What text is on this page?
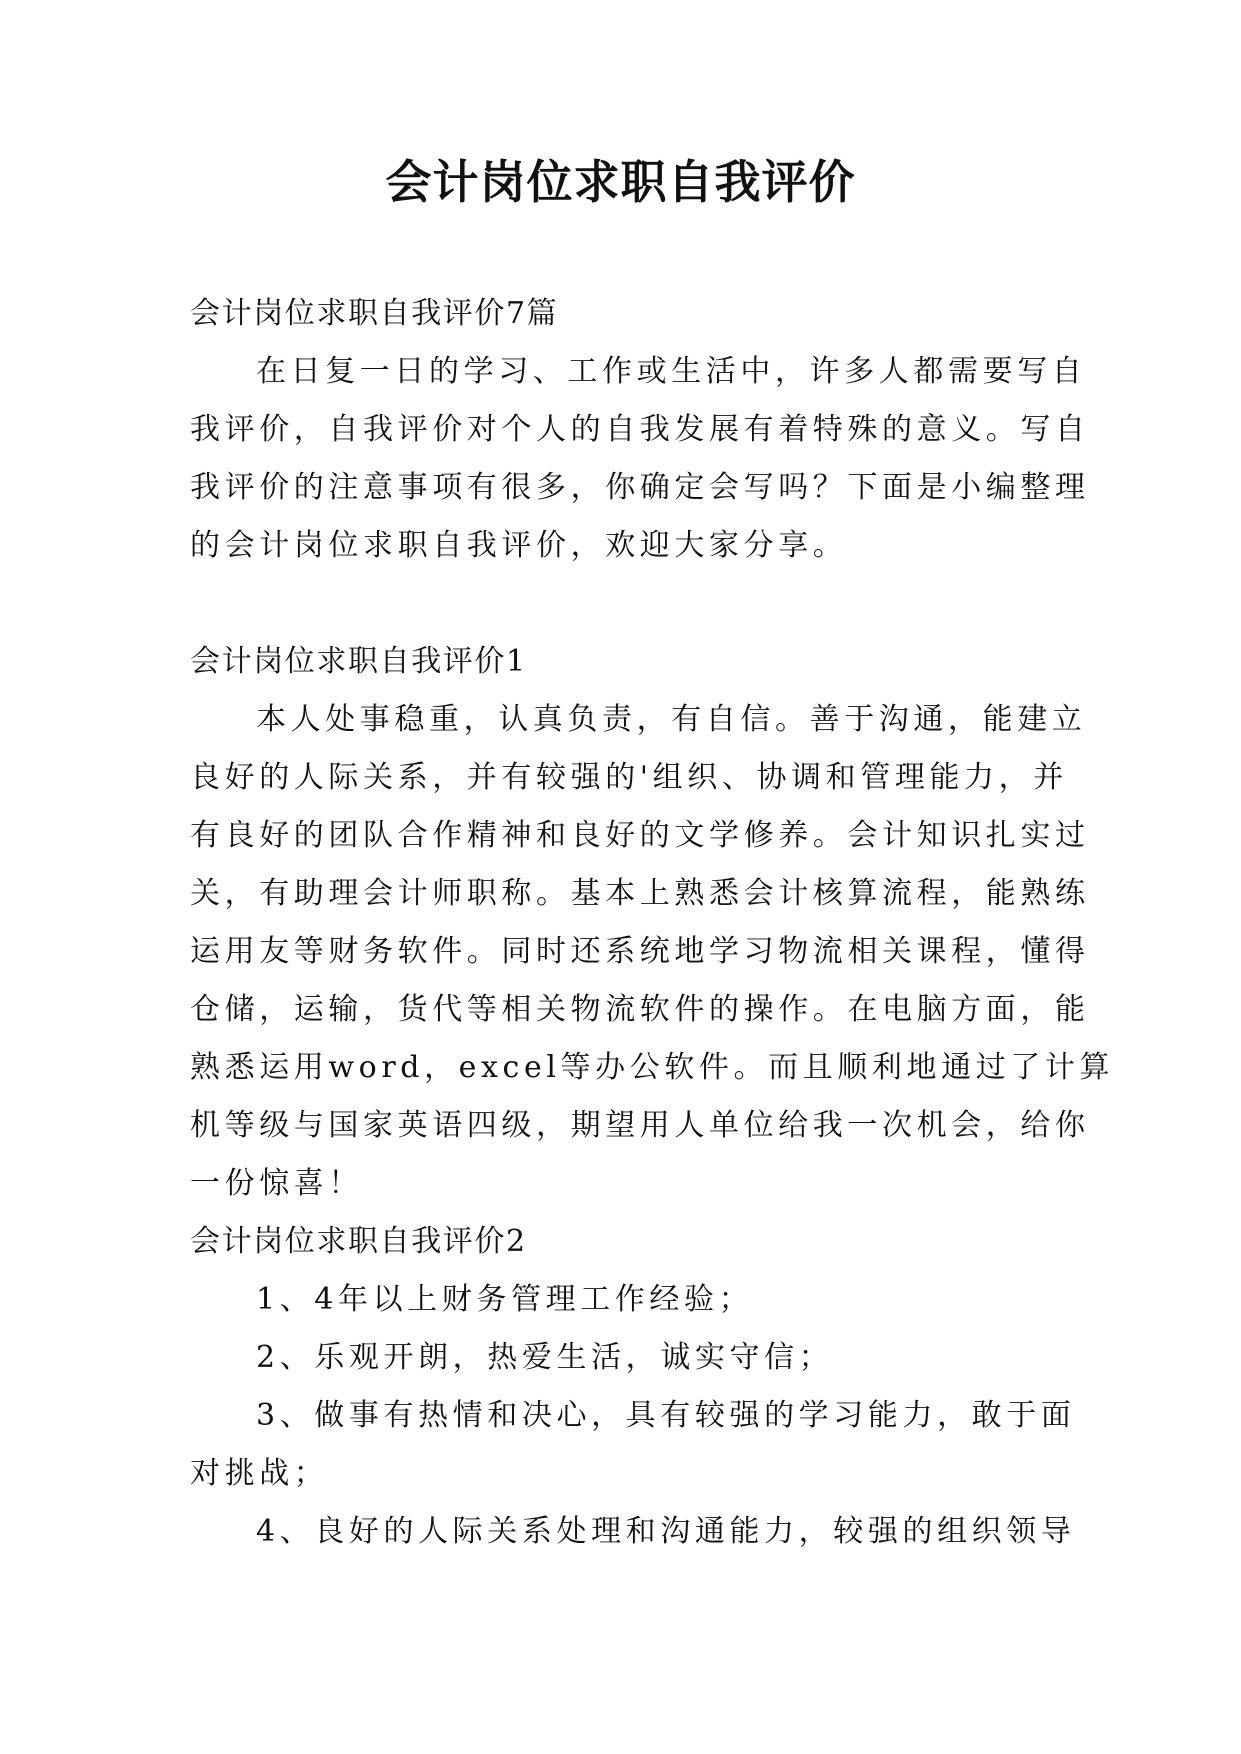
会计岗位求职自我评价

会计岗位求职自我评价7篇

在日复一日的学习、工作或生活中，许多人都需要写自

我评价，自我评价对个人的自我发展有着特殊的意义。写自

我评价的注意事项有很多，你确定会写吗？下面是小编整理

的会计岗位求职自我评价，欢迎大家分享。

会计岗位求职自我评价1

本人处事稳重，认真负责，有自信。善于沟通，能建立

良好的人际关系，并有较强的'组织、协调和管理能力，并

有良好的团队合作精神和良好的文学修养。会计知识扎实过

关，有助理会计师职称。基本上熟悉会计核算流程，能熟练

运用友等财务软件。同时还系统地学习物流相关课程，懂得

仓储，运输，货代等相关物流软件的操作。在电脑方面，能

熟悉运用word，excel等办公软件。而且顺利地通过了计算

机等级与国家英语四级，期望用人单位给我一次机会，给你

一份惊喜！

会计岗位求职自我评价2

1、4年以上财务管理工作经验；

2、乐观开朗，热爱生活，诚实守信；

3、做事有热情和决心，具有较强的学习能力，敢于面

对挑战；

4、良好的人际关系处理和沟通能力，较强的组织领导
